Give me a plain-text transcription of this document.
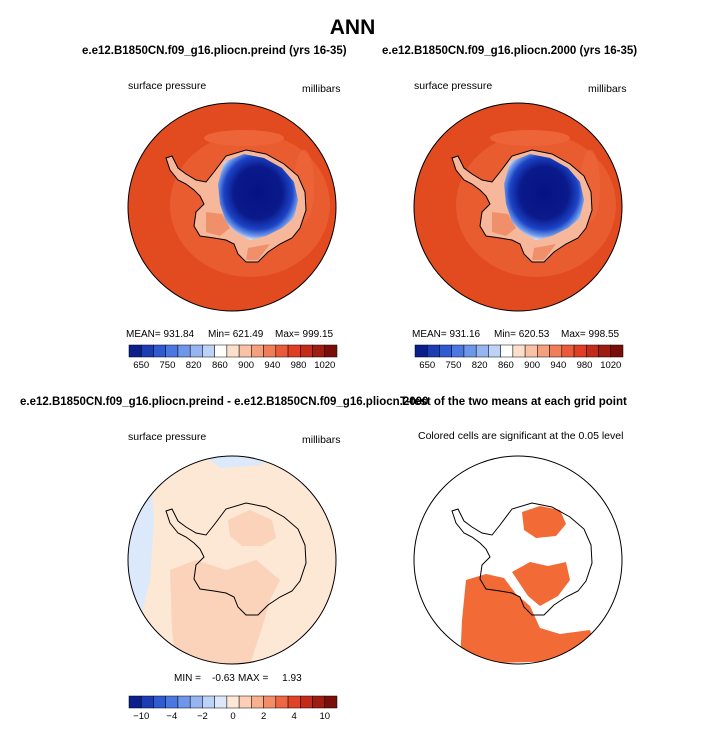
ANN
650 750 820 860 900 940 980 1020	650 750 820 860 900 940 980 1020
−10 −4 −2 0	2	4 10
e.e12.B1850CN.f09_g16.pliocn.preind (yrs 16-35)
surface pressure	millibars
MEAN= 931.84 Min= 621.49 Max= 999.15
e.e12.B1850CN.f09_g16.pliocn.2000 (yrs 16-35)
surface pressure	millibars
MEAN= 931.16 Min= 620.53 Max= 998.55
e.e12.B1850CN.f09_g16.pliocn.preind - e.e12.B1850CN.f09_g16.pliocn.2000
surface pressure	millibars
MIN =    -0.63 MAX =     1.93
T-test of the two means at each grid point
Colored cells are significant at the 0.05 level
